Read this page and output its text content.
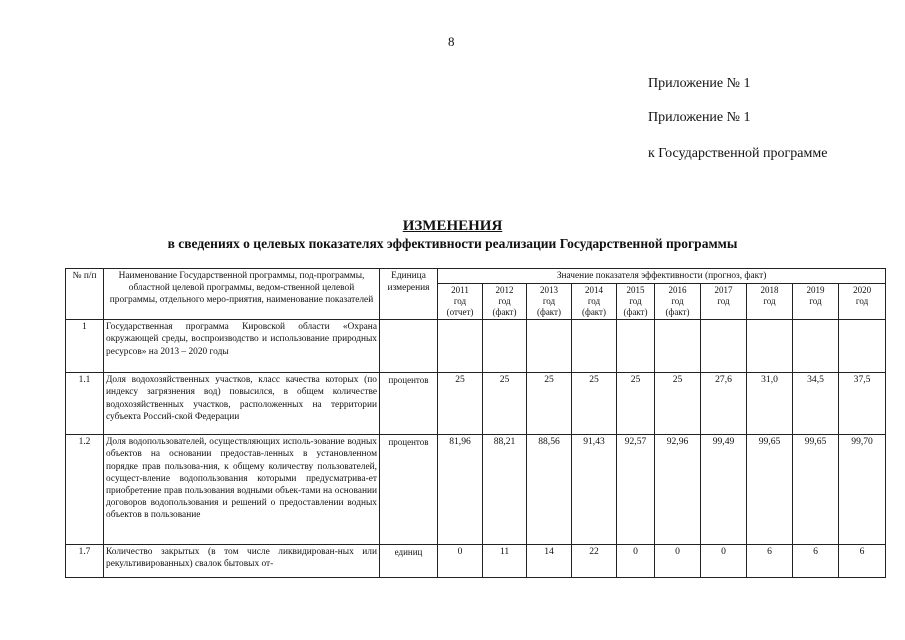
8
Приложение № 1
Приложение № 1
к Государственной программе
ИЗМЕНЕНИЯ
в сведениях о целевых показателях эффективности реализации Государственной программы
№ п/п	Наименование Государственной программы, под-программы, областной целевой программы, ведом-ственной целевой программы, отдельного меро-приятия, наименование показателей	Единица измерения	Значение показателя эффективности (прогноз, факт)									
			2011
год
(отчет)	2012
год
(факт)	2013
год
(факт)	2014
год
(факт)	2015
год
(факт)	2016
год
(факт)	2017
год	2018
год	2019
год	2020
год
1	Государственная программа Кировской области «Охрана окружающей среды, воспроизводство и использование природных ресурсов» на 2013 – 2020 годы											
1.1	Доля водохозяйственных участков, класс качества которых (по индексу загрязнения вод) повысился, в общем количестве водохозяйственных участков, расположенных на территории субъекта Россий-ской Федерации	процентов	25	25	25	25	25	25	27,6	31,0	34,5	37,5
1.2	Доля водопользователей, осуществляющих исполь-зование водных объектов на основании предостав-ленных в установленном порядке прав пользова-ния, к общему количеству пользователей, осущест-вление водопользования которыми предусматрива-ет приобретение прав пользования водными объек-тами на основании договоров водопользования и решений о предоставлении водных объектов в пользование	процентов	81,96	88,21	88,56	91,43	92,57	92,96	99,49	99,65	99,65	99,70
1.7	Количество закрытых (в том числе ликвидирован-ных или рекультивированных) свалок бытовых от-	единиц	0	11	14	22	0	0	0	6	6	6
